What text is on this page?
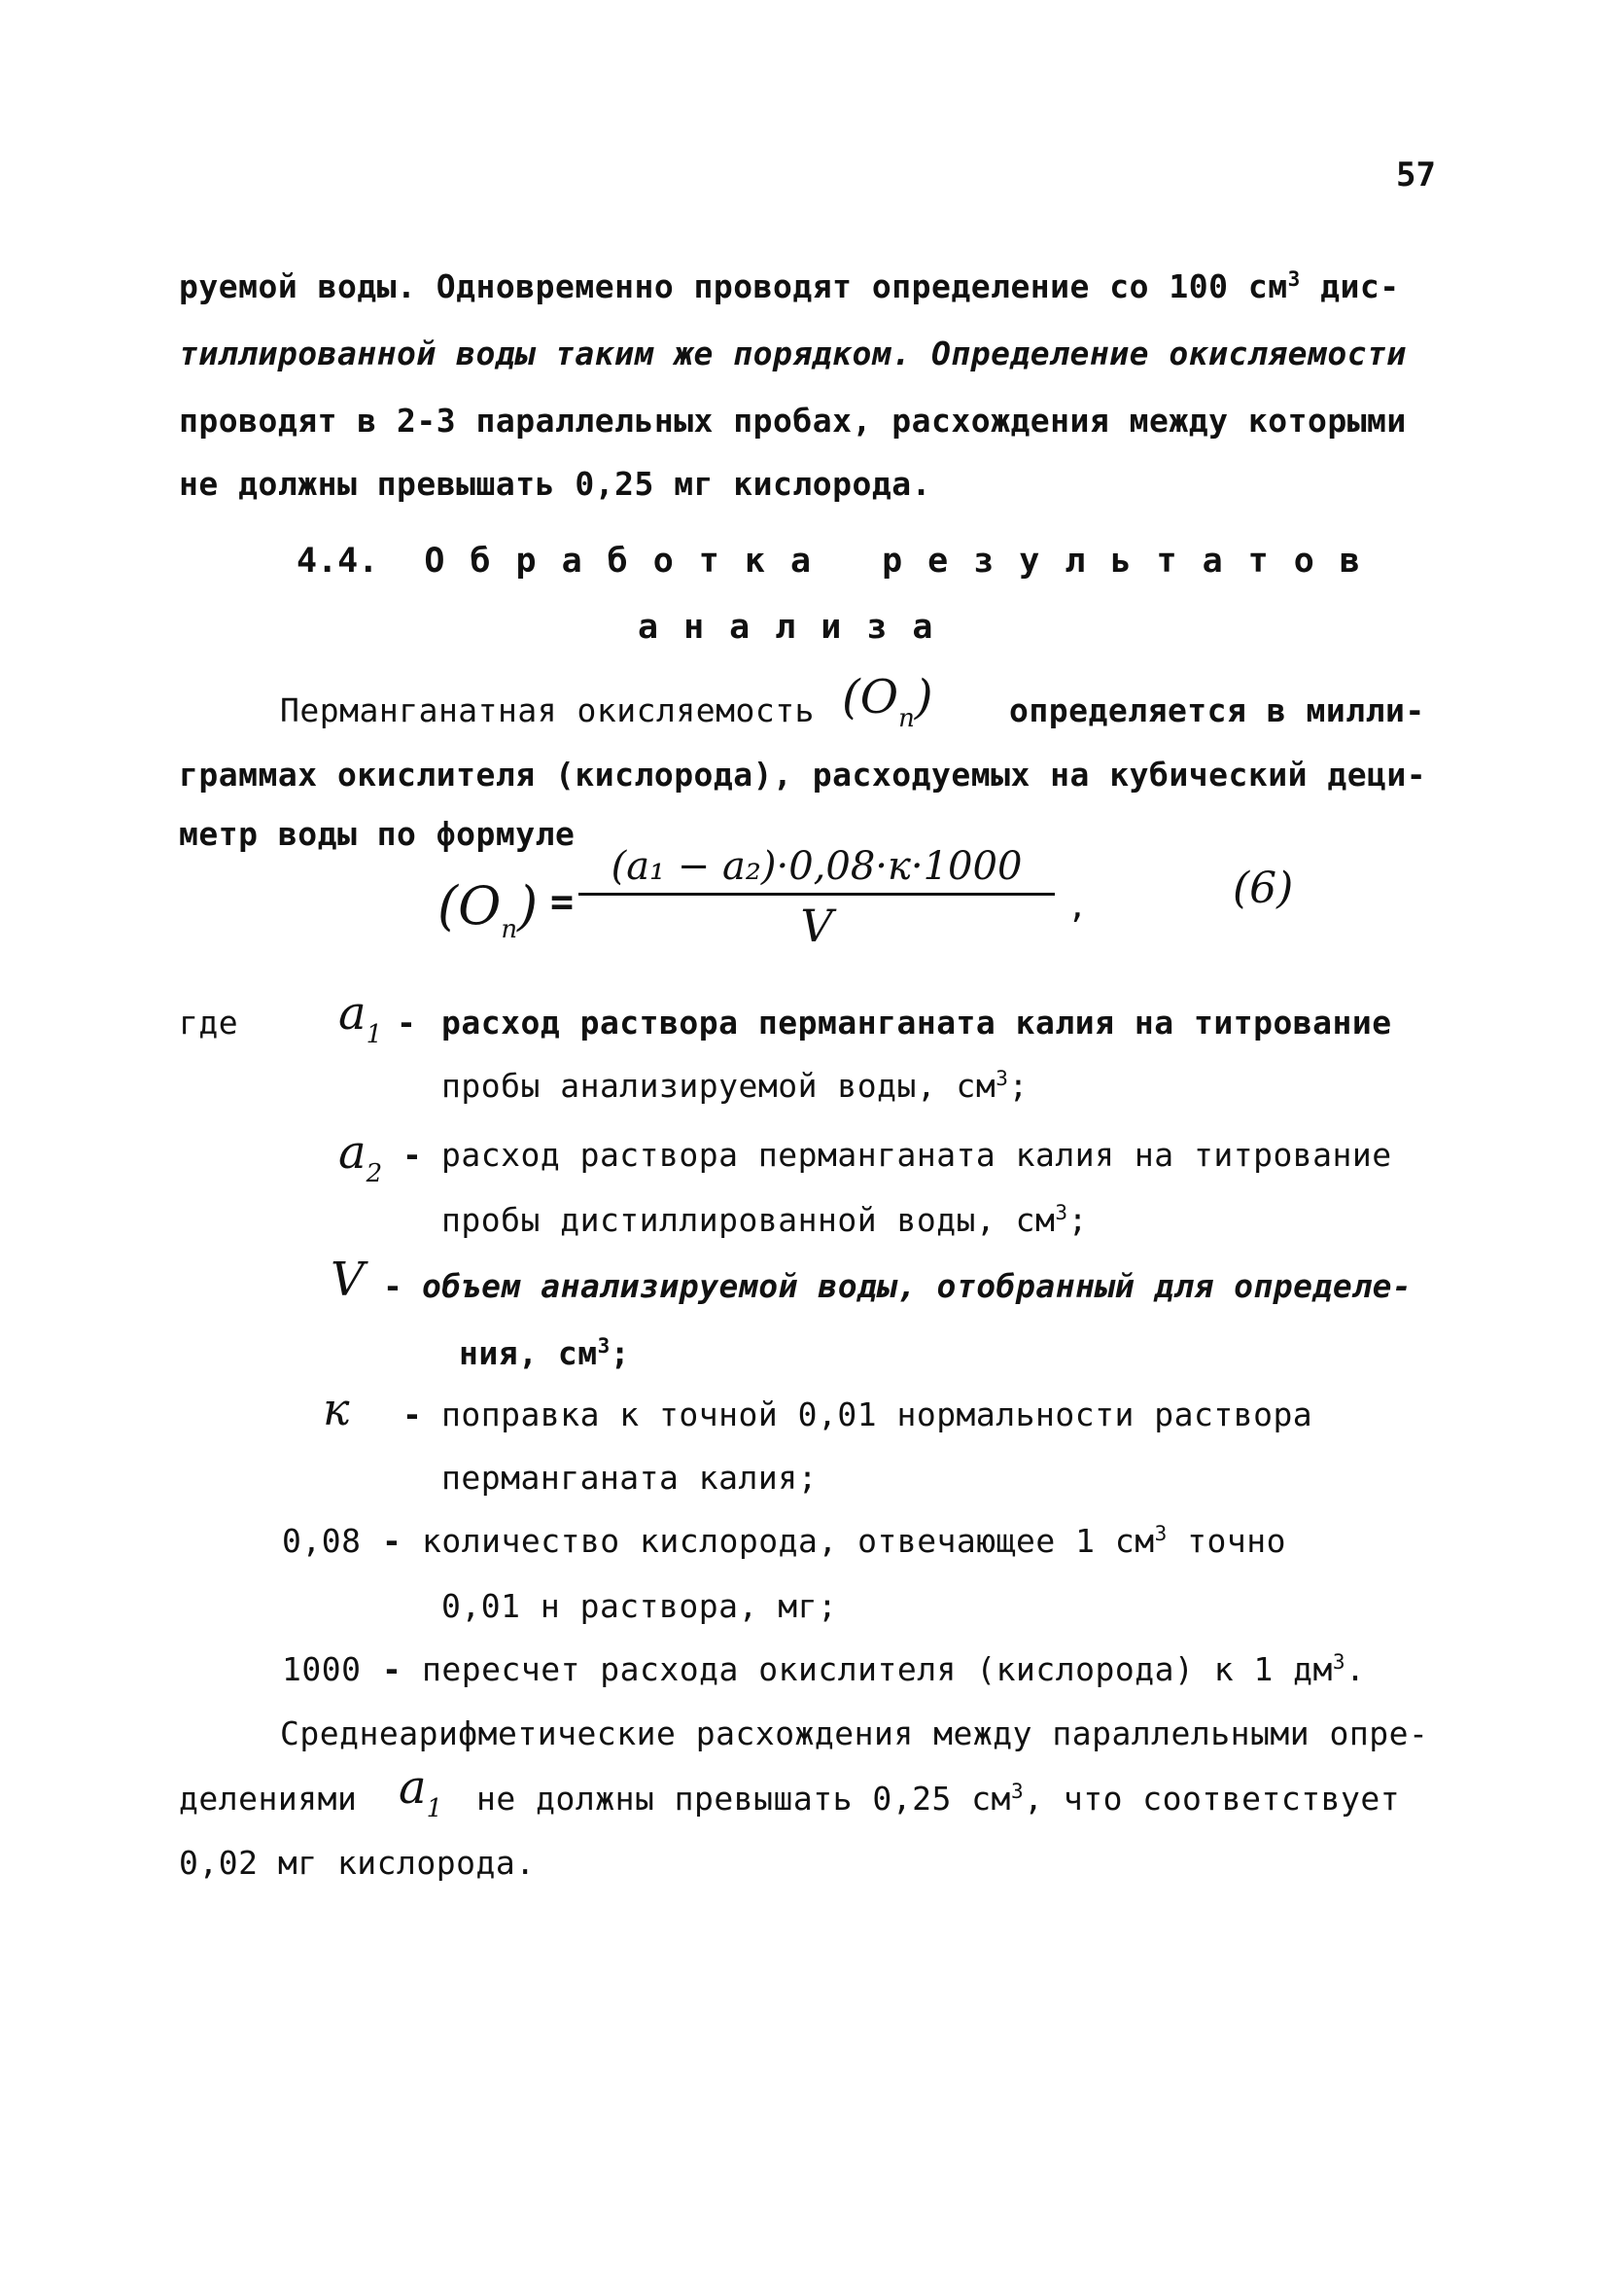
57
руемой воды. Одновременно проводят определение со 100 $см^3$ дис-
тиллированной воды таким же порядком. Определение окисляемости
проводят в 2-3 параллельных пробах, расхождения между которыми
не должны превышать 0,25 мг кислорода.
4.4. Обработка результатов
анализа
Перманганатная окисляемость $(О_п)$ определяется в милли-
граммах окислителя (кислорода), расходуемых на кубический деци-
метр воды по формуле
$(О_п)$ =
(а₁ − а₂)·0,08·к·1000
V	,	(6)
где $а_1$ - расход раствора перманганата калия на титрование
пробы анализируемой воды, $см^3$;
$а_2$ - расход раствора перманганата калия на титрование
пробы дистиллированной воды, $см^3$;
V - объем анализируемой воды, отобранный для определе-
ния, $см^3$;
к - поправка к точной 0,01 нормальности раствора
перманганата калия;
0,08 - количество кислорода, отвечающее 1 $см^3$ точно
0,01 н раствора, мг;
1000 - пересчет расхода окислителя (кислорода) к 1 $дм^3$.
Среднеарифметические расхождения между параллельными опре-
делениями $а_1$ не должны превышать 0,25 $см^3$, что соответствует
0,02 мг кислорода.
